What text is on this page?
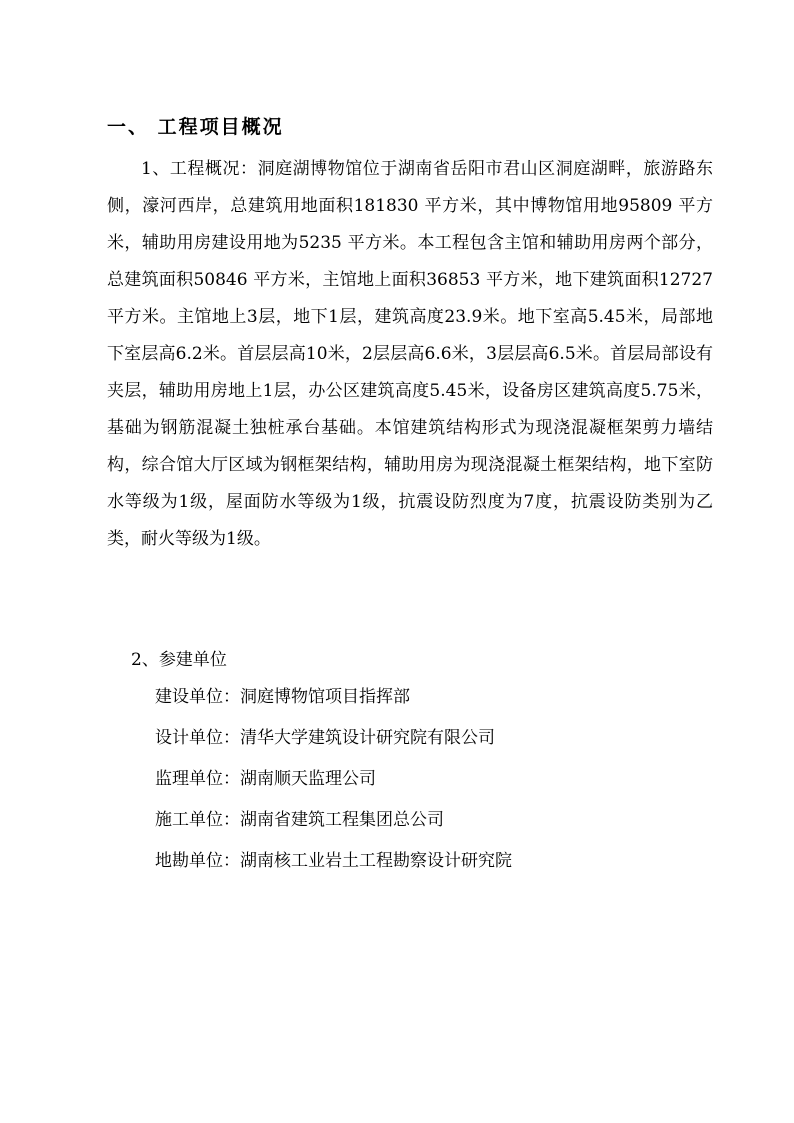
一、 工程项目概况

1、工程概况：洞庭湖博物馆位于湖南省岳阳市君山区洞庭湖畔，旅游路东侧，濠河西岸，总建筑用地面积181830 平方米，其中博物馆用地95809 平方米，辅助用房建设用地为5235 平方米。本工程包含主馆和辅助用房两个部分，总建筑面积50846 平方米，主馆地上面积36853 平方米，地下建筑面积12727 平方米。主馆地上3层，地下1层，建筑高度23.9米。地下室高5.45米，局部地下室层高6.2米。首层层高10米，2层层高6.6米，3层层高6.5米。首层局部设有夹层，辅助用房地上1层，办公区建筑高度5.45米，设备房区建筑高度5.75米，基础为钢筋混凝土独桩承台基础。本馆建筑结构形式为现浇混凝框架剪力墙结构，综合馆大厅区域为钢框架结构，辅助用房为现浇混凝土框架结构，地下室防水等级为1级，屋面防水等级为1级，抗震设防烈度为7度，抗震设防类别为乙类，耐火等级为1级。

2、参建单位

建设单位：洞庭博物馆项目指挥部
设计单位：清华大学建筑设计研究院有限公司
监理单位：湖南顺天监理公司
施工单位：湖南省建筑工程集团总公司
地勘单位：湖南核工业岩土工程勘察设计研究院
